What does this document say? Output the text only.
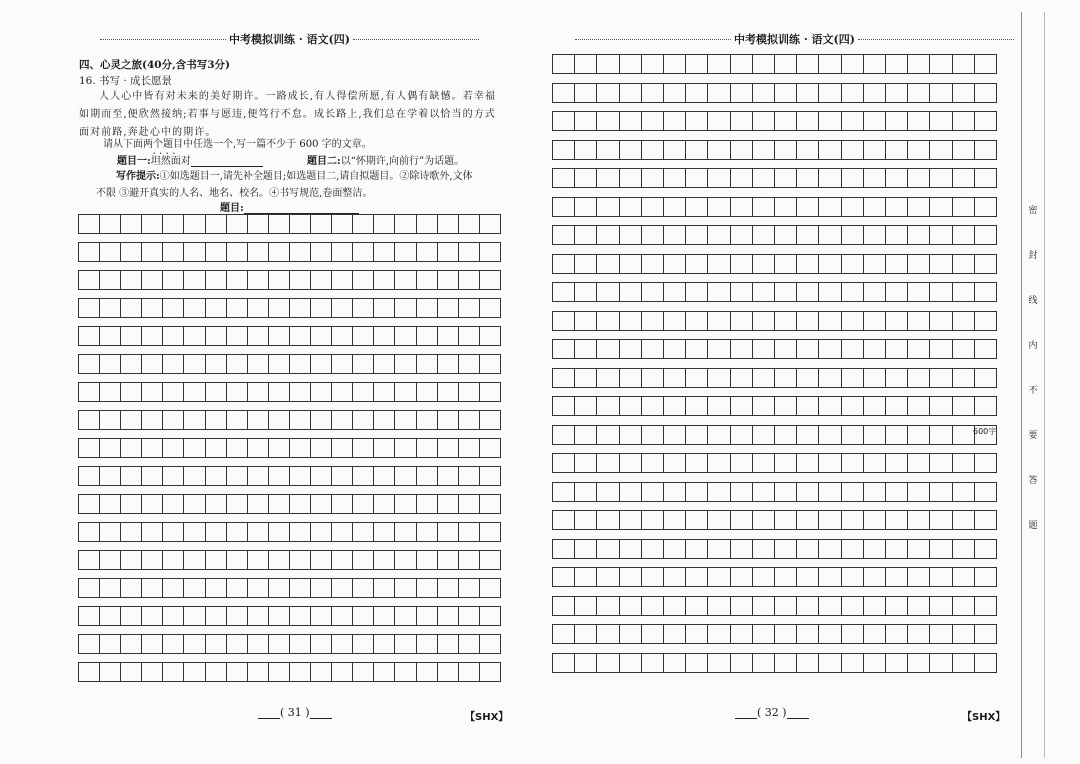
中考模拟训练 · 语文(四)
四、心灵之旅(40分,含书写3分)
16. 书写 · 成长愿景
人人心中皆有对未来的美好期许。一路成长,有人得偿所愿,有人偶有缺憾。若幸福如期而至,便欣然接纳;若事与愿违,便笃行不怠。成长路上,我们总在学着以恰当的方式面对前路,奔赴心中的期许。
请从下面两个题目中任选一个,写一篇不少于 600 字的文章。
题目一:坦然面对 • • • •	题目二:以“怀期许,向前行”为话题。
写作提示:①如选题目一,请先补全题目;如选题目二,请自拟题目。②除诗歌外,文体
不限 ③避开真实的人名、地名、校名。④书写规范,卷面整洁。
题目:
( 31 )	【SHX】
中考模拟训练 · 语文(四)
600字
( 32 )	【SHX】
密
封
线
内
不
要
答
题
